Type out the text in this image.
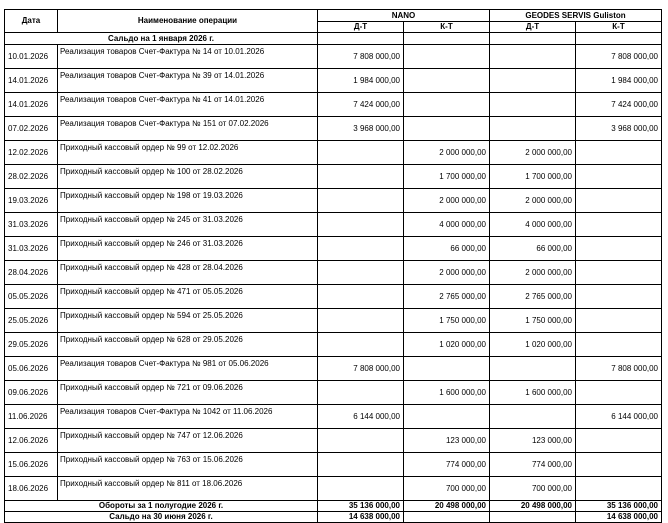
Дата	Наименование операции	NANO		GEODES SERVIS Guliston	
		Д-Т	К-Т	Д-Т	К-Т
Сальдо на 1 января 2026 г.					
10.01.2026	Реализация товаров Счет-Фактура № 14 от 10.01.2026	7 808 000,00			7 808 000,00
14.01.2026	Реализация товаров Счет-Фактура № 39 от 14.01.2026	1 984 000,00			1 984 000,00
14.01.2026	Реализация товаров Счет-Фактура № 41 от 14.01.2026	7 424 000,00			7 424 000,00
07.02.2026	Реализация товаров Счет-Фактура № 151 от 07.02.2026	3 968 000,00			3 968 000,00
12.02.2026	Приходный кассовый ордер № 99 от 12.02.2026		2 000 000,00	2 000 000,00	
28.02.2026	Приходный кассовый ордер № 100 от 28.02.2026		1 700 000,00	1 700 000,00	
19.03.2026	Приходный кассовый ордер № 198 от 19.03.2026		2 000 000,00	2 000 000,00	
31.03.2026	Приходный кассовый ордер № 245 от 31.03.2026		4 000 000,00	4 000 000,00	
31.03.2026	Приходный кассовый ордер № 246 от 31.03.2026		66 000,00	66 000,00	
28.04.2026	Приходный кассовый ордер № 428 от 28.04.2026		2 000 000,00	2 000 000,00	
05.05.2026	Приходный кассовый ордер № 471 от 05.05.2026		2 765 000,00	2 765 000,00	
25.05.2026	Приходный кассовый ордер № 594 от 25.05.2026		1 750 000,00	1 750 000,00	
29.05.2026	Приходный кассовый ордер № 628 от 29.05.2026		1 020 000,00	1 020 000,00	
05.06.2026	Реализация товаров Счет-Фактура № 981 от 05.06.2026	7 808 000,00			7 808 000,00
09.06.2026	Приходный кассовый ордер № 721 от 09.06.2026		1 600 000,00	1 600 000,00	
11.06.2026	Реализация товаров Счет-Фактура № 1042 от 11.06.2026	6 144 000,00			6 144 000,00
12.06.2026	Приходный кассовый ордер № 747 от 12.06.2026		123 000,00	123 000,00	
15.06.2026	Приходный кассовый ордер № 763 от 15.06.2026		774 000,00	774 000,00	
18.06.2026	Приходный кассовый ордер № 811 от 18.06.2026		700 000,00	700 000,00	
Обороты за 1 полугодие 2026 г.		35 136 000,00	20 498 000,00	20 498 000,00	35 136 000,00
Сальдо на 30 июня 2026 г.		14 638 000,00			14 638 000,00
